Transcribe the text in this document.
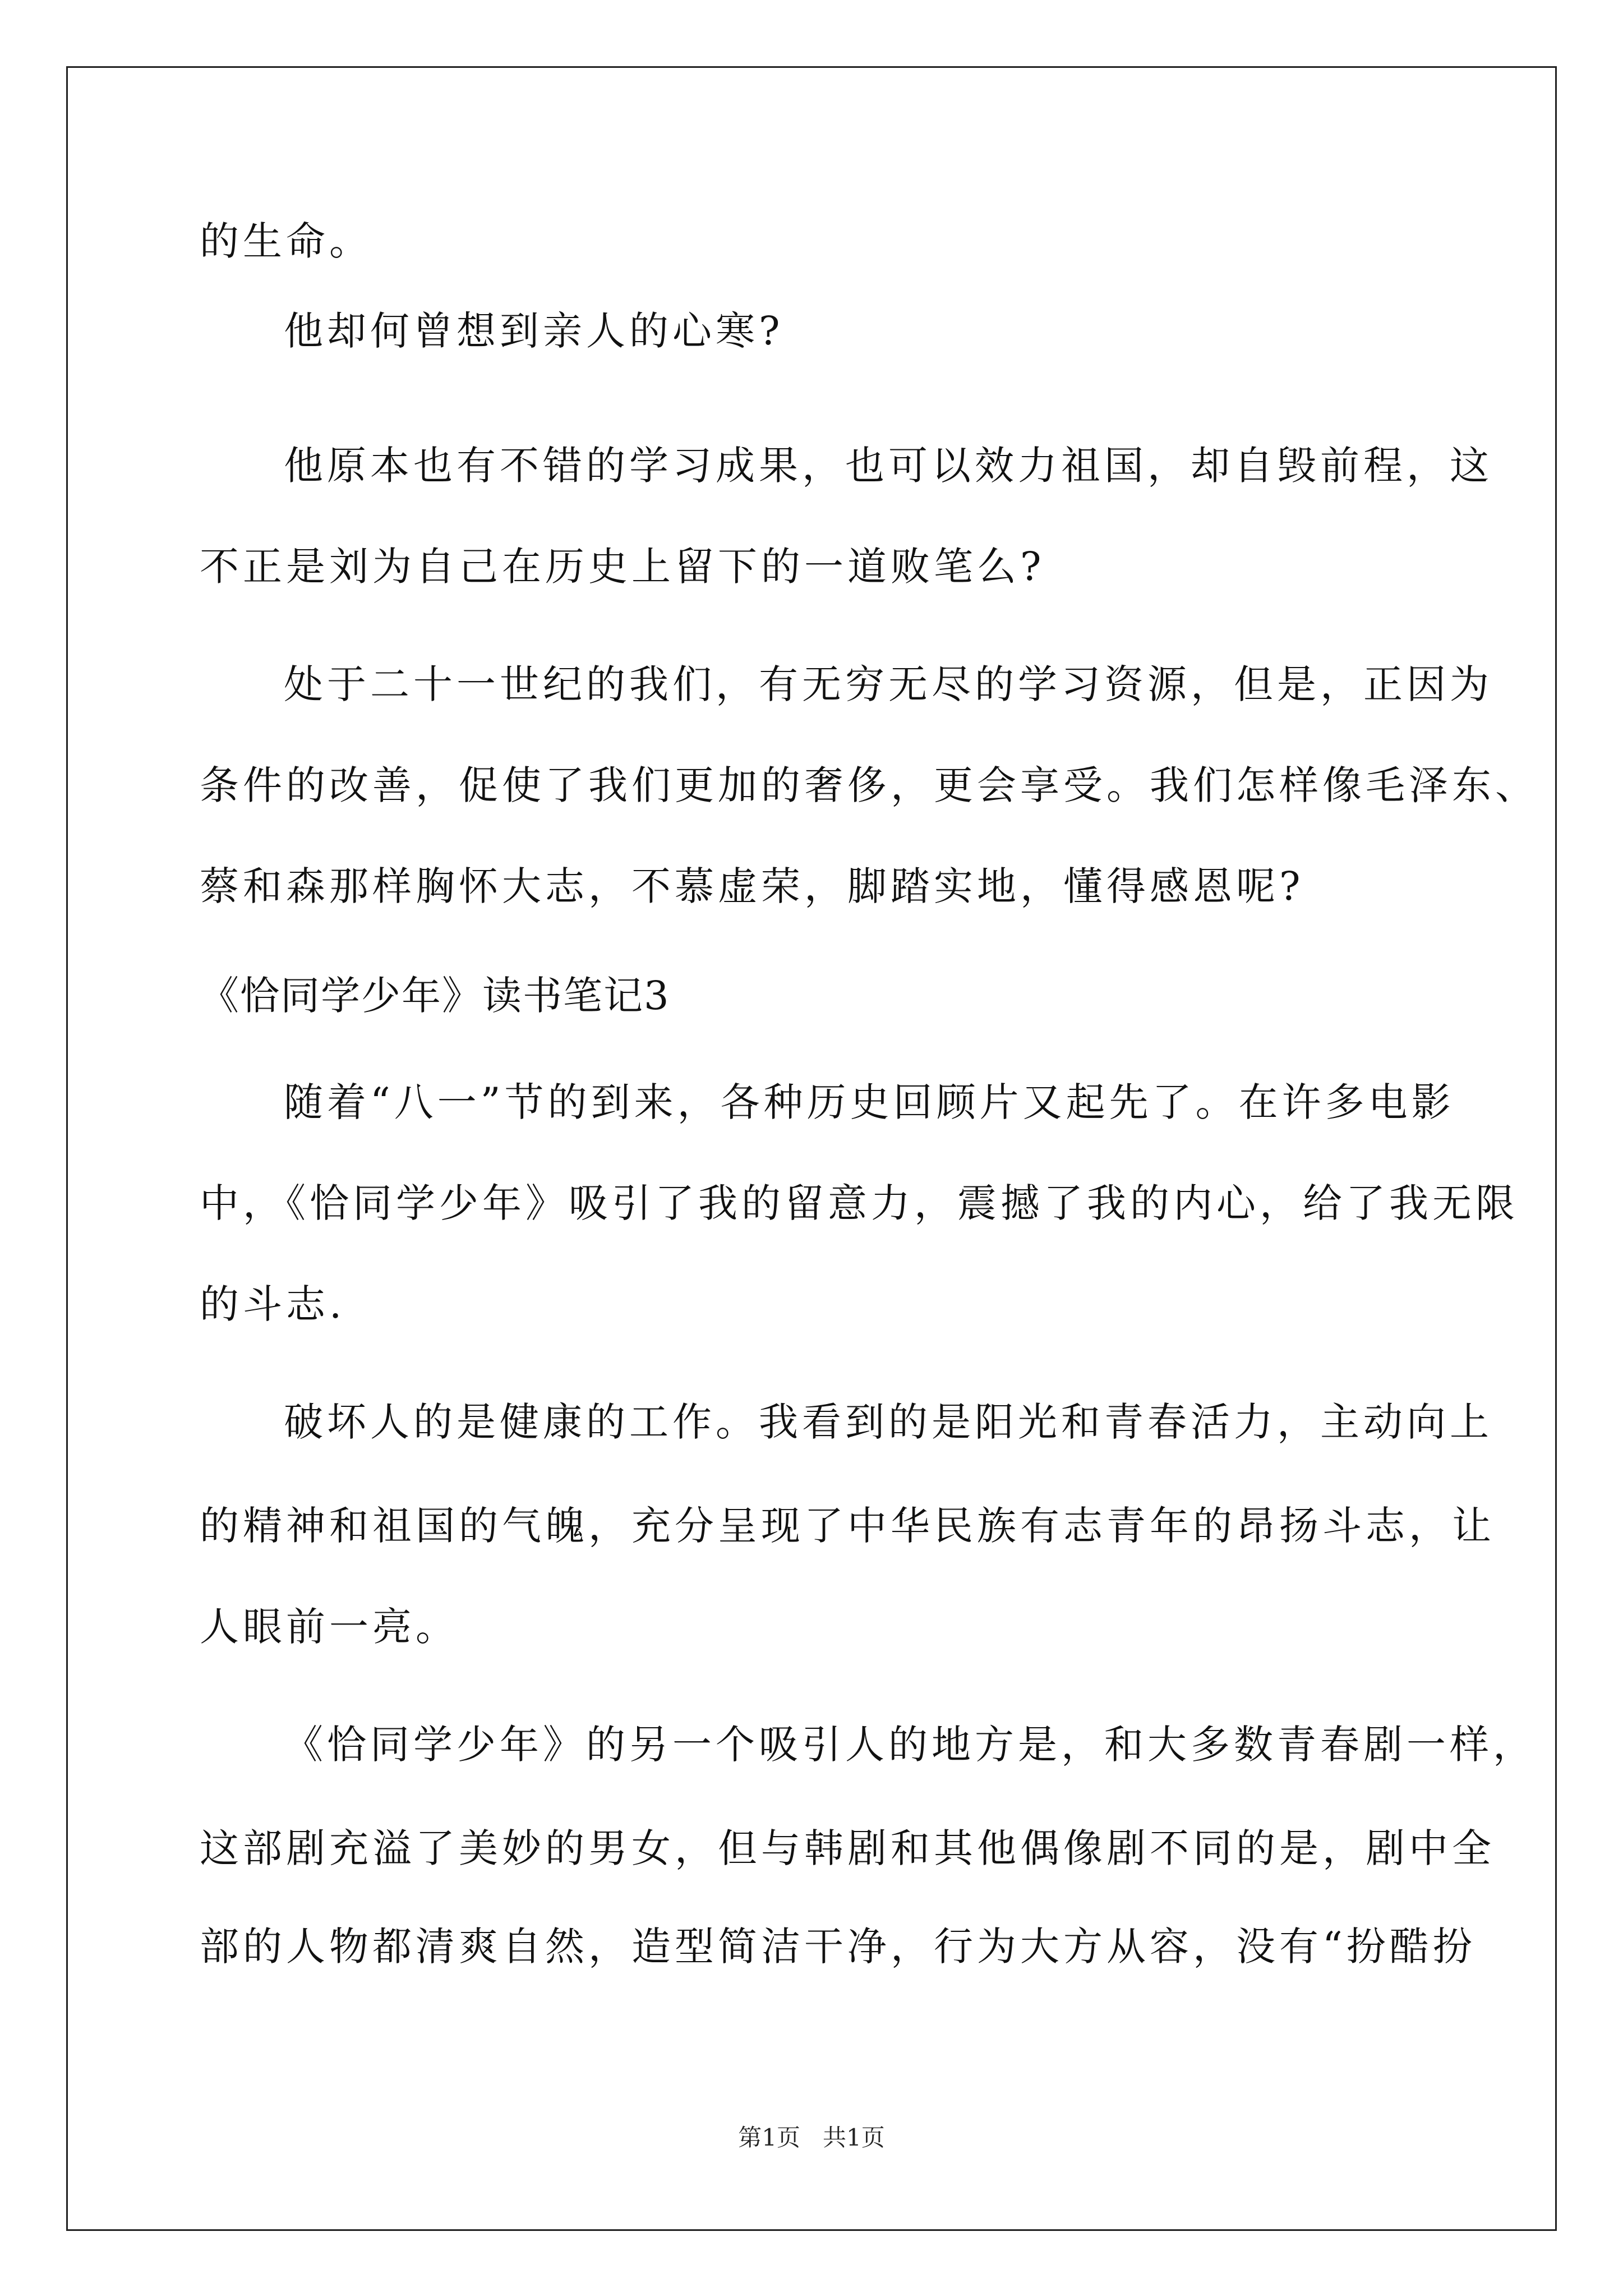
的生命。
他却何曾想到亲人的心寒?
他原本也有不错的学习成果，也可以效力祖国，却自毁前程，这
不正是刘为自己在历史上留下的一道败笔么?
处于二十一世纪的我们，有无穷无尽的学习资源，但是，正因为
条件的改善，促使了我们更加的奢侈，更会享受。我们怎样像毛泽东、
蔡和森那样胸怀大志，不慕虚荣，脚踏实地，懂得感恩呢?
《恰同学少年》读书笔记3
随着“八一”节的到来，各种历史回顾片又起先了。在许多电影
中，《恰同学少年》吸引了我的留意力，震撼了我的内心，给了我无限
的斗志.
破坏人的是健康的工作。我看到的是阳光和青春活力，主动向上
的精神和祖国的气魄，充分呈现了中华民族有志青年的昂扬斗志，让
人眼前一亮。
《恰同学少年》的另一个吸引人的地方是，和大多数青春剧一样，
这部剧充溢了美妙的男女，但与韩剧和其他偶像剧不同的是，剧中全
部的人物都清爽自然，造型简洁干净，行为大方从容，没有“扮酷扮
第1页   共1页
